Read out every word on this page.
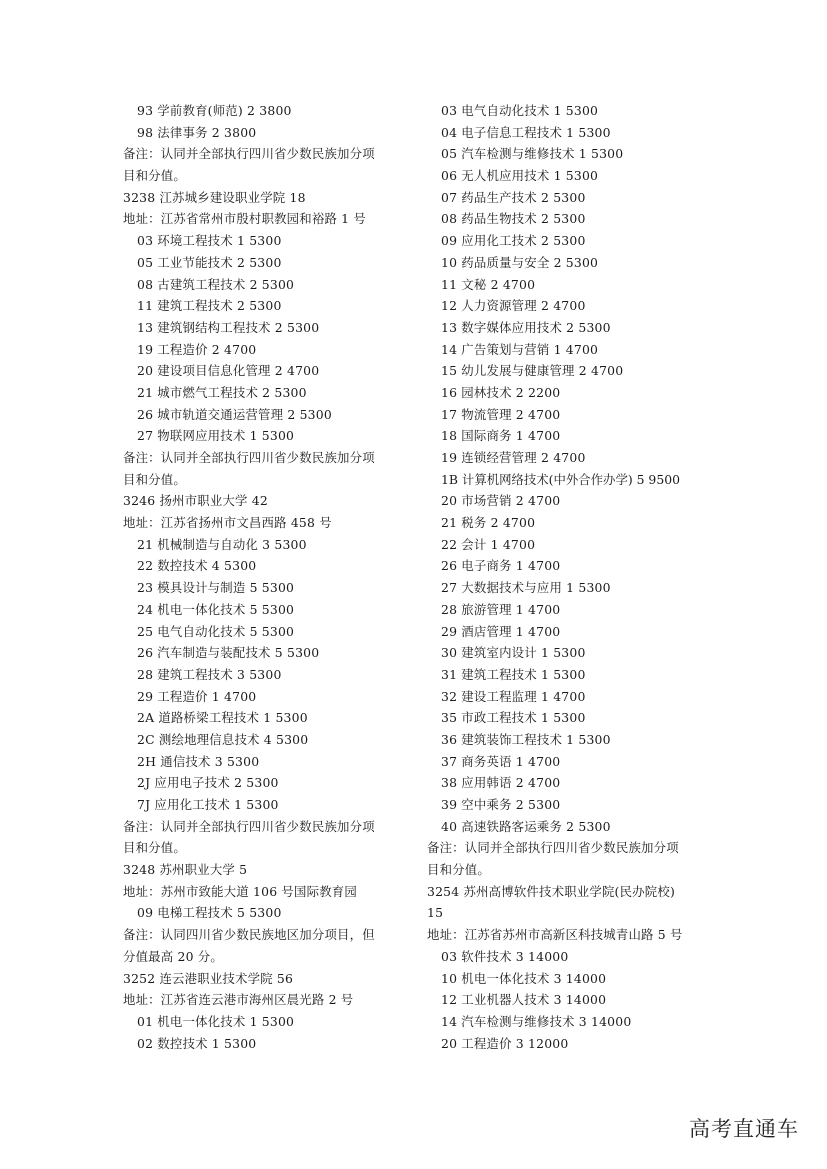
93 学前教育(师范) 2 3800
98 法律事务 2 3800
备注：认同并全部执行四川省少数民族加分项
目和分值。
3238 江苏城乡建设职业学院 18
地址：江苏省常州市殷村职教园和裕路 1 号
03 环境工程技术 1 5300
05 工业节能技术 2 5300
08 古建筑工程技术 2 5300
11 建筑工程技术 2 5300
13 建筑钢结构工程技术 2 5300
19 工程造价 2 4700
20 建设项目信息化管理 2 4700
21 城市燃气工程技术 2 5300
26 城市轨道交通运营管理 2 5300
27 物联网应用技术 1 5300
备注：认同并全部执行四川省少数民族加分项
目和分值。
3246 扬州市职业大学 42
地址：江苏省扬州市文昌西路 458 号
21 机械制造与自动化 3 5300
22 数控技术 4 5300
23 模具设计与制造 5 5300
24 机电一体化技术 5 5300
25 电气自动化技术 5 5300
26 汽车制造与装配技术 5 5300
28 建筑工程技术 3 5300
29 工程造价 1 4700
2A 道路桥梁工程技术 1 5300
2C 测绘地理信息技术 4 5300
2H 通信技术 3 5300
2J 应用电子技术 2 5300
7J 应用化工技术 1 5300
备注：认同并全部执行四川省少数民族加分项
目和分值。
3248 苏州职业大学 5
地址：苏州市致能大道 106 号国际教育园
09 电梯工程技术 5 5300
备注：认同四川省少数民族地区加分项目，但
分值最高 20 分。
3252 连云港职业技术学院 56
地址：江苏省连云港市海州区晨光路 2 号
01 机电一体化技术 1 5300
02 数控技术 1 5300
03 电气自动化技术 1 5300
04 电子信息工程技术 1 5300
05 汽车检测与维修技术 1 5300
06 无人机应用技术 1 5300
07 药品生产技术 2 5300
08 药品生物技术 2 5300
09 应用化工技术 2 5300
10 药品质量与安全 2 5300
11 文秘 2 4700
12 人力资源管理 2 4700
13 数字媒体应用技术 2 5300
14 广告策划与营销 1 4700
15 幼儿发展与健康管理 2 4700
16 园林技术 2 2200
17 物流管理 2 4700
18 国际商务 1 4700
19 连锁经营管理 2 4700
1B 计算机网络技术(中外合作办学) 5 9500
20 市场营销 2 4700
21 税务 2 4700
22 会计 1 4700
26 电子商务 1 4700
27 大数据技术与应用 1 5300
28 旅游管理 1 4700
29 酒店管理 1 4700
30 建筑室内设计 1 5300
31 建筑工程技术 1 5300
32 建设工程监理 1 4700
35 市政工程技术 1 5300
36 建筑装饰工程技术 1 5300
37 商务英语 1 4700
38 应用韩语 2 4700
39 空中乘务 2 5300
40 高速铁路客运乘务 2 5300
备注：认同并全部执行四川省少数民族加分项
目和分值。
3254 苏州高博软件技术职业学院(民办院校)
15
地址：江苏省苏州市高新区科技城青山路 5 号
03 软件技术 3 14000
10 机电一体化技术 3 14000
12 工业机器人技术 3 14000
14 汽车检测与维修技术 3 14000
20 工程造价 3 12000
高考直通车
